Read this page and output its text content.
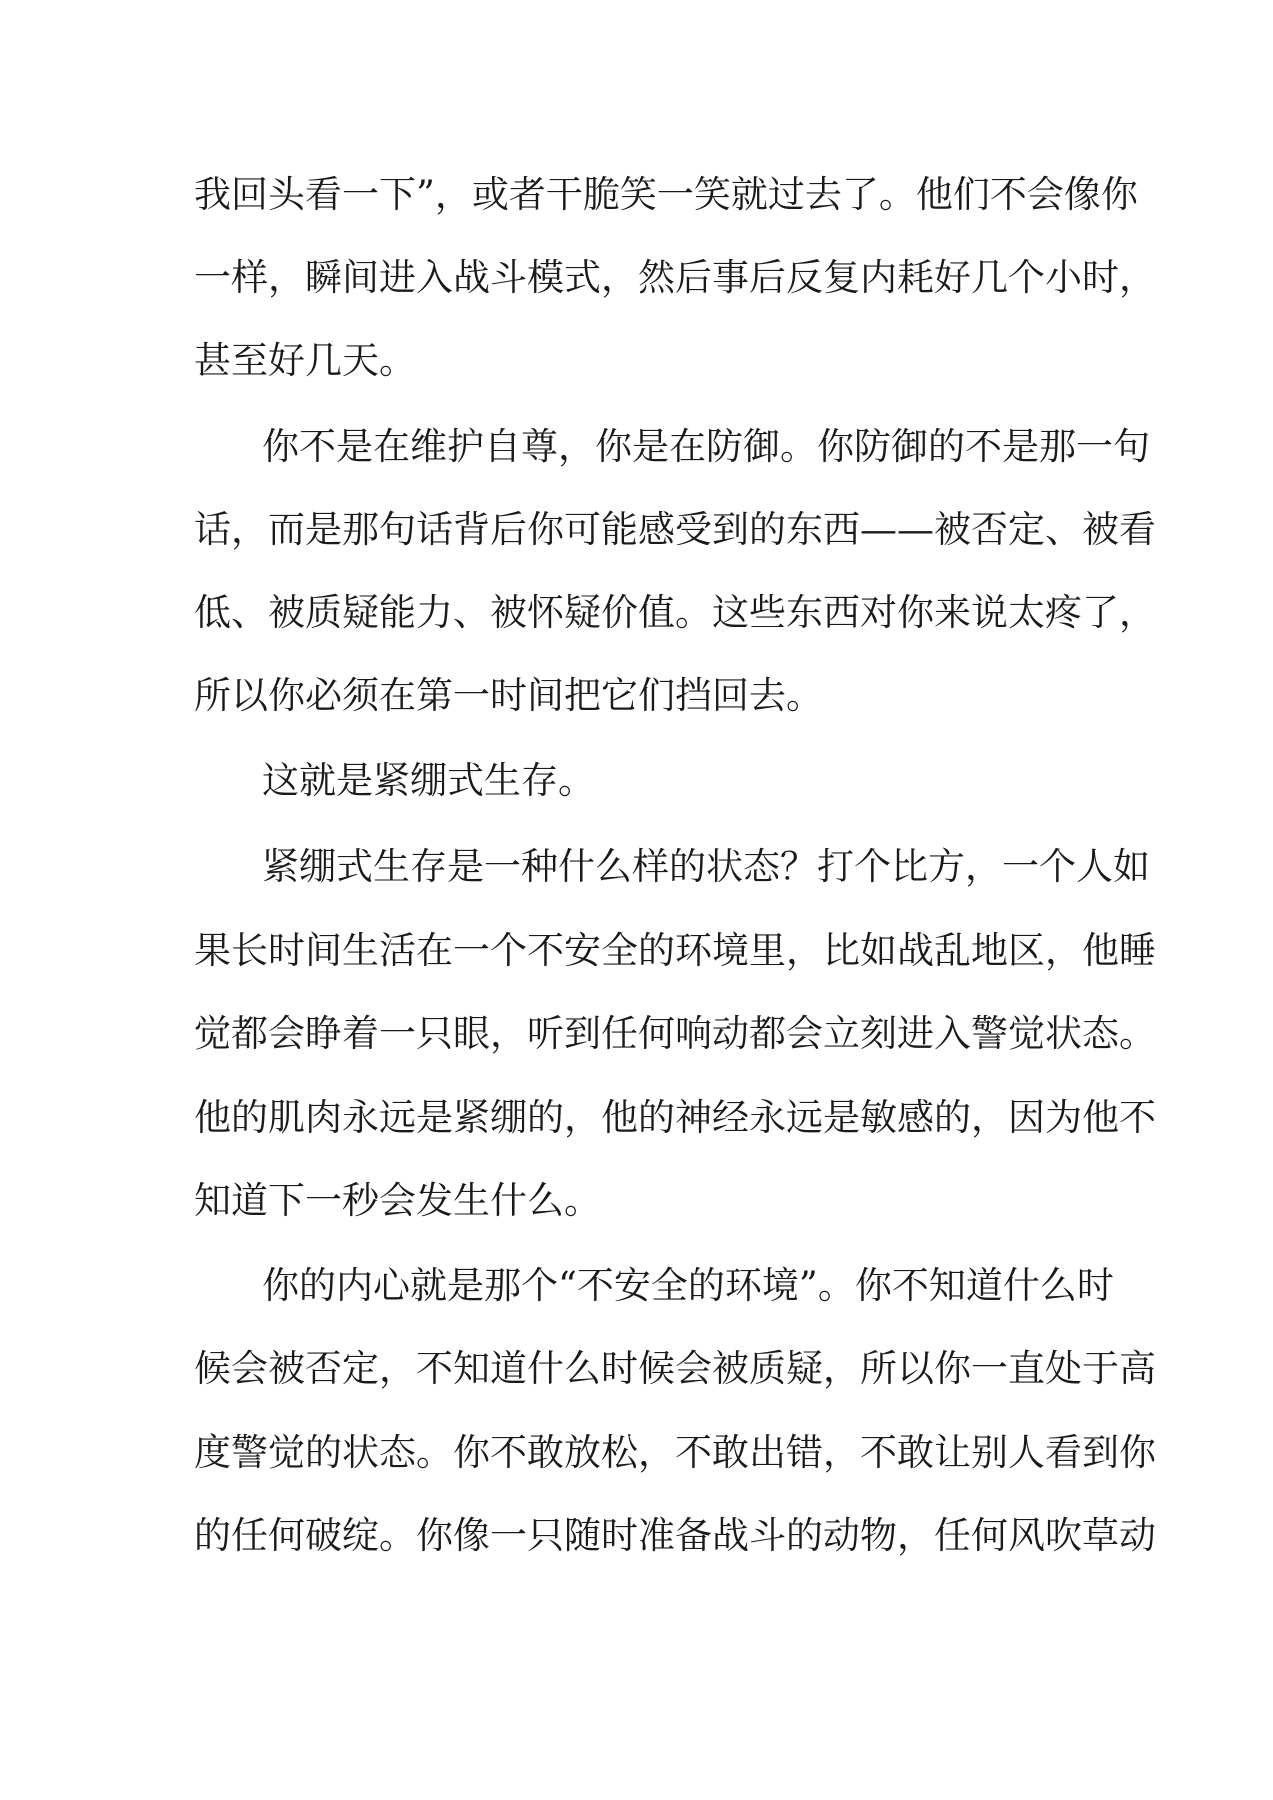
我回头看一下”，或者干脆笑一笑就过去了。他们不会像你
一样，瞬间进入战斗模式，然后事后反复内耗好几个小时，
甚至好几天。
你不是在维护自尊，你是在防御。你防御的不是那一句
话，而是那句话背后你可能感受到的东西——被否定、被看
低、被质疑能力、被怀疑价值。这些东西对你来说太疼了，
所以你必须在第一时间把它们挡回去。
这就是紧绷式生存。
紧绷式生存是一种什么样的状态？打个比方，一个人如
果长时间生活在一个不安全的环境里，比如战乱地区，他睡
觉都会睁着一只眼，听到任何响动都会立刻进入警觉状态。
他的肌肉永远是紧绷的，他的神经永远是敏感的，因为他不
知道下一秒会发生什么。
你的内心就是那个“不安全的环境”。你不知道什么时
候会被否定，不知道什么时候会被质疑，所以你一直处于高
度警觉的状态。你不敢放松，不敢出错，不敢让别人看到你
的任何破绽。你像一只随时准备战斗的动物，任何风吹草动
